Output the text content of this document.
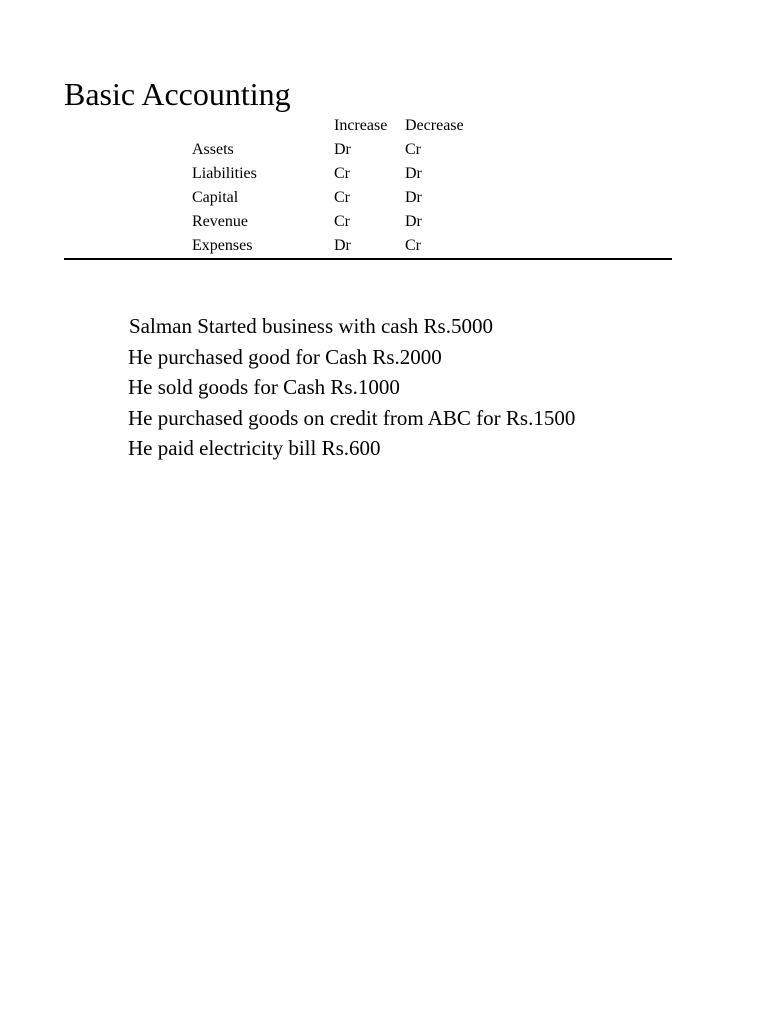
Basic Accounting
	Increase	Decrease
Assets	Dr	Cr
Liabilities	Cr	Dr
Capital	Cr	Dr
Revenue	Cr	Dr
Expenses	Dr	Cr
Salman Started business with cash Rs.5000
He purchased good for Cash Rs.2000
He sold goods for Cash Rs.1000
He purchased goods on credit from ABC for Rs.1500
He paid electricity bill Rs.600
